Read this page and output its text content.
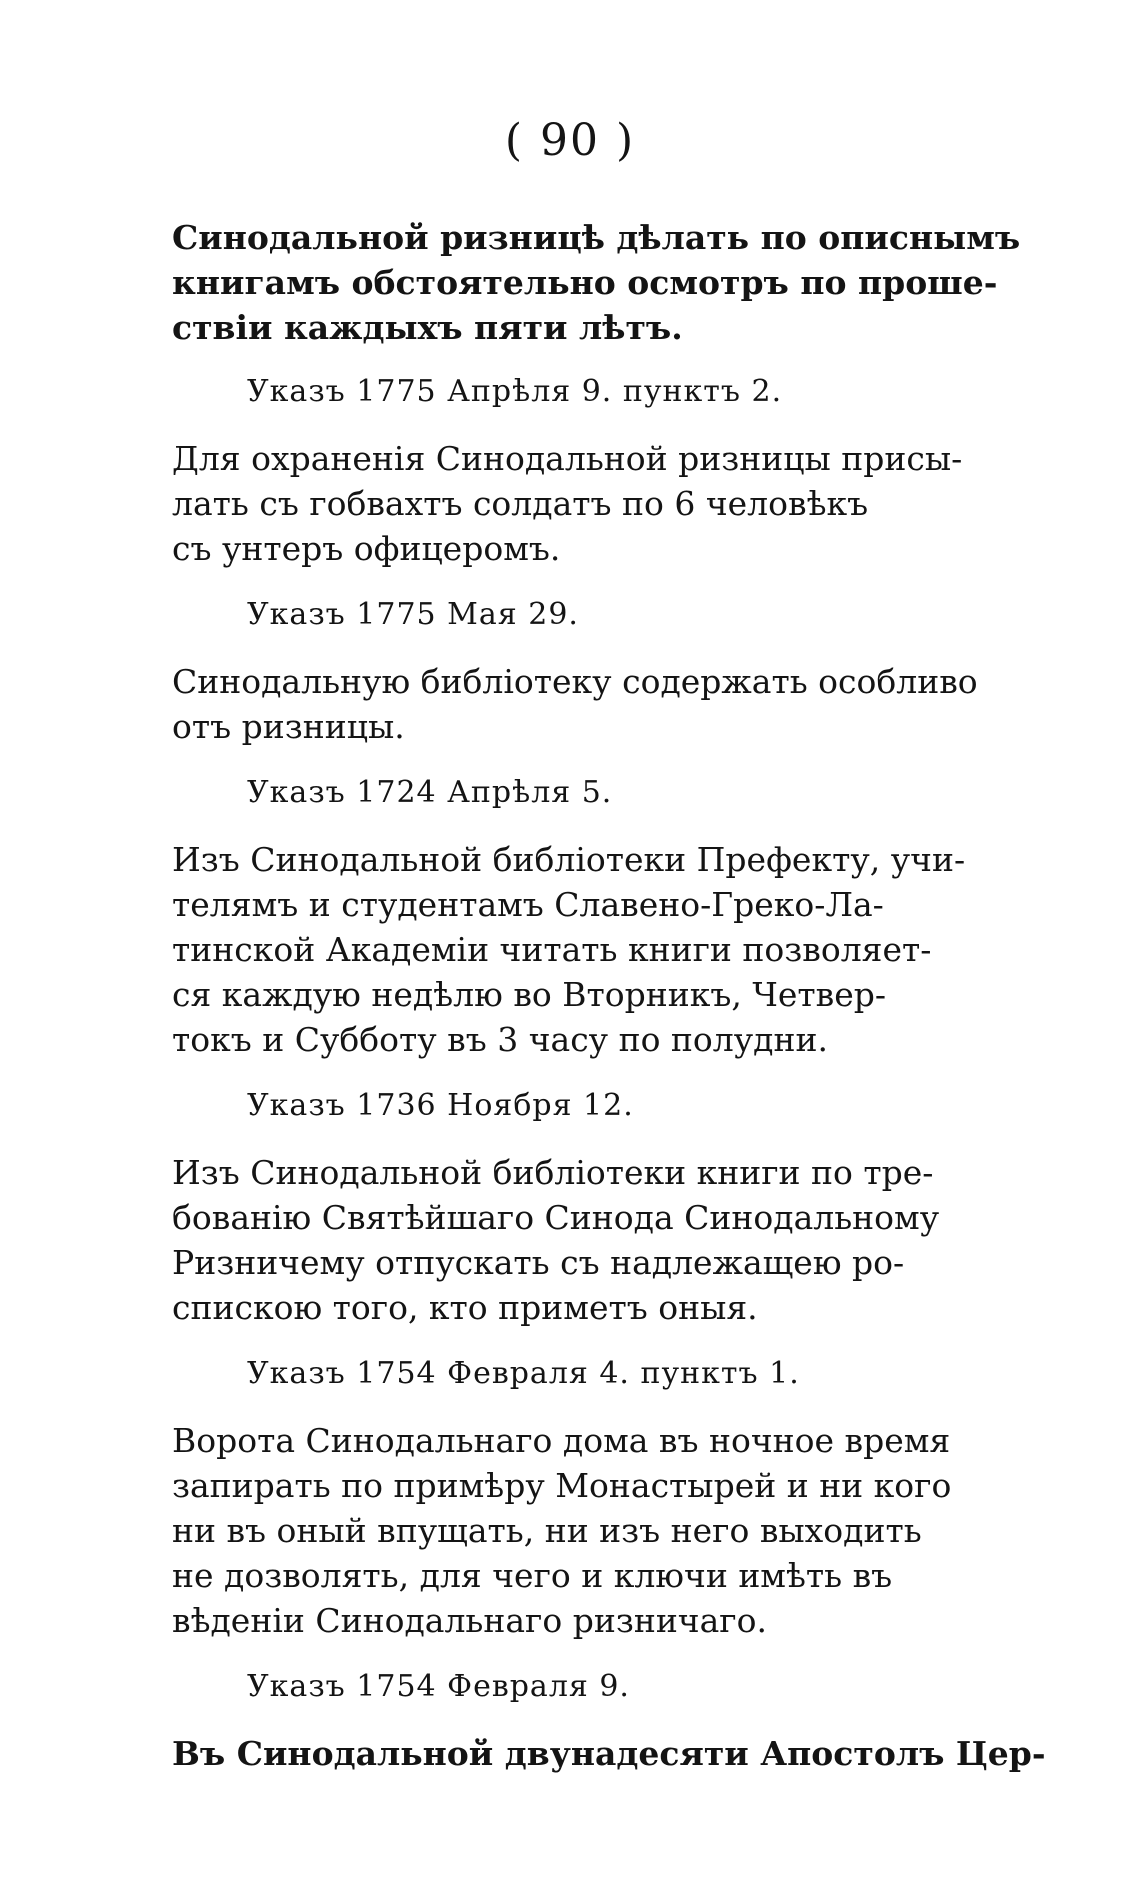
( 90 )

Синодальной ризницѣ дѣлать по описнымъ
книгамъ обстоятельно осмотръ по проше-
ствіи каждыхъ пяти лѣтъ.

Указъ 1775 Апрѣля 9. пунктъ 2.

Для охраненія Синодальной ризницы присы-
лать съ гобвахтъ солдатъ по 6 человѣкъ
съ унтеръ офицеромъ.

Указъ 1775 Мая 29.

Синодальную библіотеку содержать особливо
отъ ризницы.

Указъ 1724 Апрѣля 5.

Изъ Синодальной библіотеки Префекту, учи-
телямъ и студентамъ Славено-Греко-Ла-
тинской Академіи читать книги позволяет-
ся каждую недѣлю во Вторникъ, Четвер-
токъ и Субботу въ 3 часу по полудни.

Указъ 1736 Ноября 12.

Изъ Синодальной библіотеки книги по тре-
бованію Святѣйшаго Синода Синодальному
Ризничему отпускать съ надлежащею ро-
спискою того, кто приметъ оныя.

Указъ 1754 Февраля 4. пунктъ 1.

Ворота Синодальнаго дома въ ночное время
запирать по примѣру Монастырей и ни кого
ни въ оный впущать, ни изъ него выходить
не дозволять, для чего и ключи имѣть въ
вѣденіи Синодальнаго ризничаго.

Указъ 1754 Февраля 9.

Въ Синодальной двунадесяти Апостолъ Цер-
